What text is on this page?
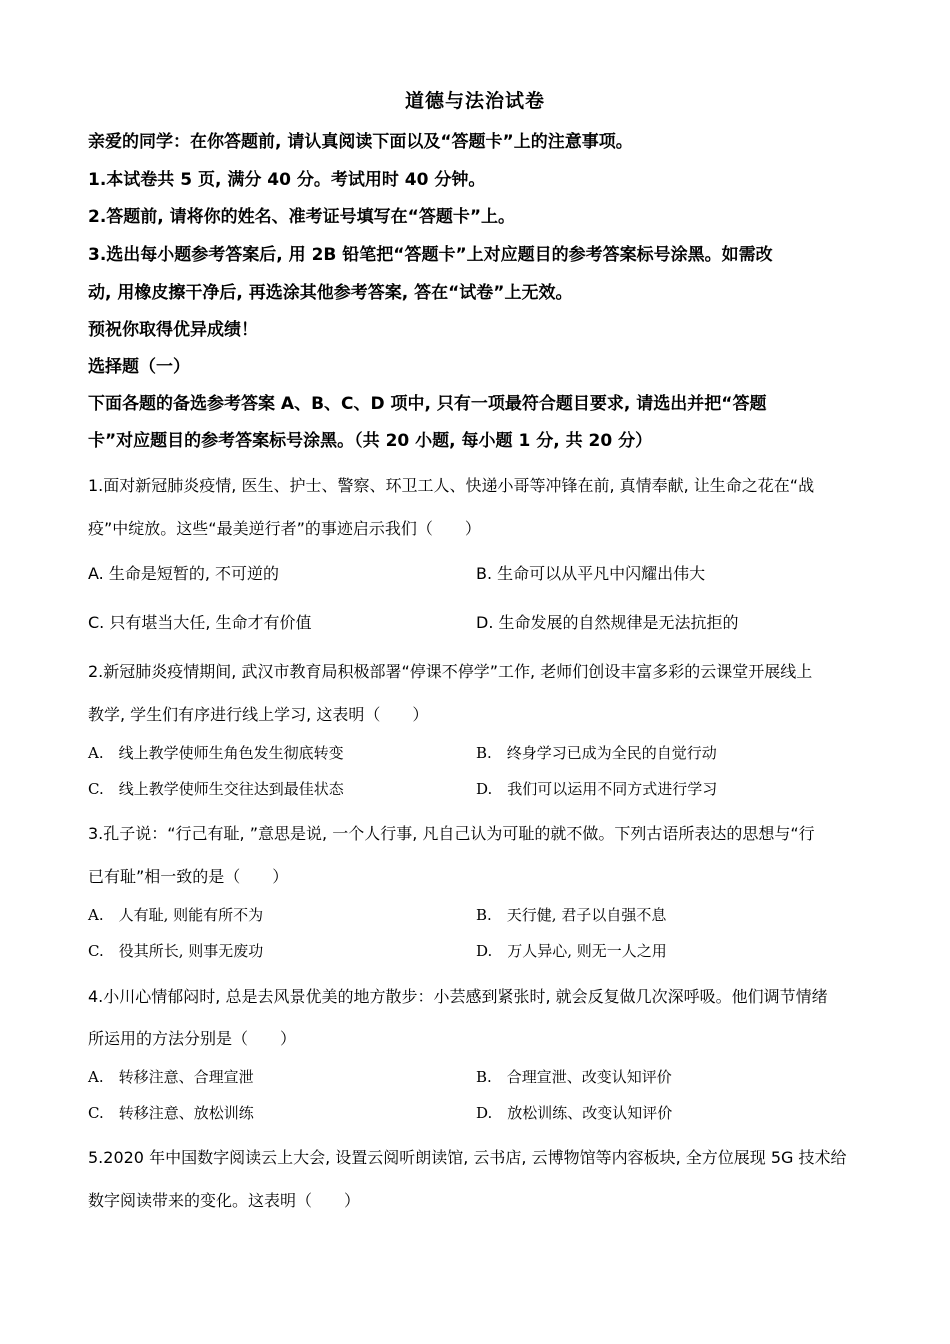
道德与法治试卷
亲爱的同学：在你答题前, 请认真阅读下面以及“答题卡”上的注意事项。
1.本试卷共 5 页, 满分 40 分。考试用时 40 分钟。
2.答题前, 请将你的姓名、准考证号填写在“答题卡”上。
3.选出每小题参考答案后, 用 2B 铅笔把“答题卡”上对应题目的参考答案标号涂黑。如需改
动, 用橡皮擦干净后, 再选涂其他参考答案, 答在“试卷”上无效。
预祝你取得优异成绩！
选择题（一）
下面各题的备选参考答案 A、B、C、D 项中, 只有一项最符合题目要求, 请选出并把“答题
卡”对应题目的参考答案标号涂黑。（共 20 小题, 每小题 1 分, 共 20 分）
1.面对新冠肺炎疫情, 医生、护士、警察、环卫工人、快递小哥等冲锋在前, 真情奉献, 让生命之花在“战
疫”中绽放。这些“最美逆行者”的事迹启示我们（　　）
A. 生命是短暂的, 不可逆的	B. 生命可以从平凡中闪耀出伟大
C. 只有堪当大任, 生命才有价值	D. 生命发展的自然规律是无法抗拒的
2.新冠肺炎疫情期间, 武汉市教育局积极部署“停课不停学”工作, 老师们创设丰富多彩的云课堂开展线上
教学, 学生们有序进行线上学习, 这表明（　　）
A.　线上教学使师生角色发生彻底转变	B.　终身学习已成为全民的自觉行动
C.　线上教学使师生交往达到最佳状态	D.　我们可以运用不同方式进行学习
3.孔子说：“行己有耻, ”意思是说, 一个人行事, 凡自己认为可耻的就不做。下列古语所表达的思想与“行
已有耻”相一致的是（　　）
A.　人有耻, 则能有所不为	B.　天行健, 君子以自强不息
C.　役其所长, 则事无废功	D.　万人异心, 则无一人之用
4.小川心情郁闷时, 总是去风景优美的地方散步：小芸感到紧张时, 就会反复做几次深呼吸。他们调节情绪
所运用的方法分别是（　　）
A.　转移注意、合理宣泄	B.　合理宣泄、改变认知评价
C.　转移注意、放松训练	D.　放松训练、改变认知评价
5.2020 年中国数字阅读云上大会, 设置云阅听朗读馆, 云书店, 云博物馆等内容板块, 全方位展现 5G 技术给
数字阅读带来的变化。这表明（　　）
